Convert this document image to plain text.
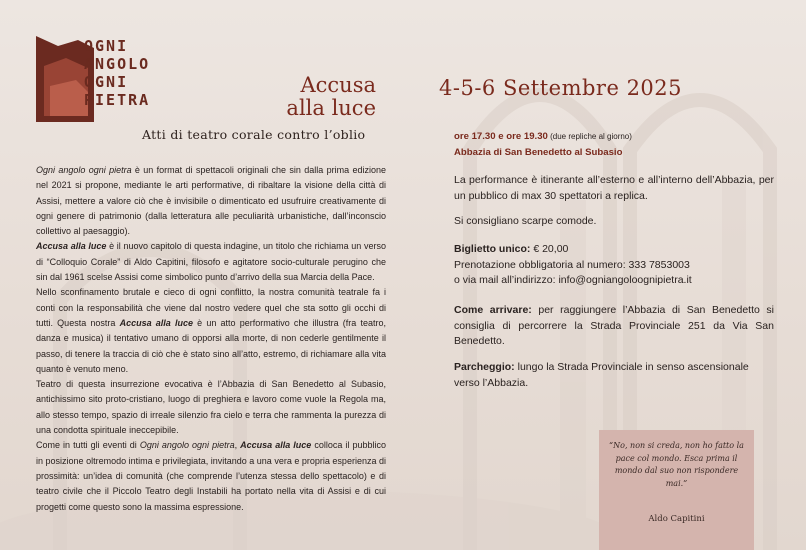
OGNI
ANGOLO
OGNI
PIETRA
Accusa
alla luce
Atti di teatro corale contro l’oblio
4-5-6 Settembre 2025

Ogni angolo ogni pietra è un format di spettacoli originali che sin dalla prima edizione nel 2021 si propone, mediante le arti performative, di ribaltare la visione della città di Assisi, mettere a valore ciò che è invisibile o dimenticato ed usufruire creativamente di ogni genere di patrimonio (dalla letteratura alle peculiarità urbanistiche, dall’inconscio collettivo al paesaggio).

Accusa alla luce è il nuovo capitolo di questa indagine, un titolo che richiama un verso di “Colloquio Corale” di Aldo Capitini, filosofo e agitatore socio-culturale perugino che sin dal 1961 scelse Assisi come simbolico punto d’arrivo della sua Marcia della Pace.

Nello sconfinamento brutale e cieco di ogni conflitto, la nostra comunità teatrale fa i conti con la responsabilità che viene dal nostro vedere quel che sta sotto gli occhi di tutti. Questa nostra Accusa alla luce è un atto performativo che illustra (fra teatro, danza e musica) il tentativo umano di opporsi alla morte, di non cederle gentilmente il passo, di tenere la traccia di ciò che è stato sino all’atto, estremo, di richiamare alla vita quanto è venuto meno.

Teatro di questa insurrezione evocativa è l’Abbazia di San Benedetto al Subasio, antichissimo sito proto-cristiano, luogo di preghiera e lavoro come vuole la Regola ma, allo stesso tempo, spazio di irreale silenzio fra cielo e terra che rammenta la purezza di una condotta spirituale ineccepibile.

Come in tutti gli eventi di Ogni angolo ogni pietra, Accusa alla luce colloca il pubblico in posizione oltremodo intima e privilegiata, invitando a una vera e propria esperienza di prossimità: un’idea di comunità (che comprende l’utenza stessa dello spettacolo) e di teatro civile che il Piccolo Teatro degli Instabili ha portato nella vita di Assisi e di cui progetti come questo sono la massima espressione.

ore 17.30 e ore 19.30 (due repliche al giorno)
Abbazia di San Benedetto al Subasio
La performance è itinerante all’esterno e all’interno dell’Abbazia, per un pubblico di max 30 spettatori a replica.
Si consigliano scarpe comode.
Biglietto unico: € 20,00
Prenotazione obbligatoria al numero: 333 7853003
o via mail all’indirizzo: info@ogniangoloognipietra.it
Come arrivare: per raggiungere l’Abbazia di San Benedetto si consiglia di percorrere la Strada Provinciale 251 da Via San Benedetto.
Parcheggio: lungo la Strada Provinciale in senso ascensionale verso l’Abbazia.
“No, non si creda, non ho fatto la pace col mondo. Esca prima il mondo dal suo non rispondere mai.”
Aldo Capitini
